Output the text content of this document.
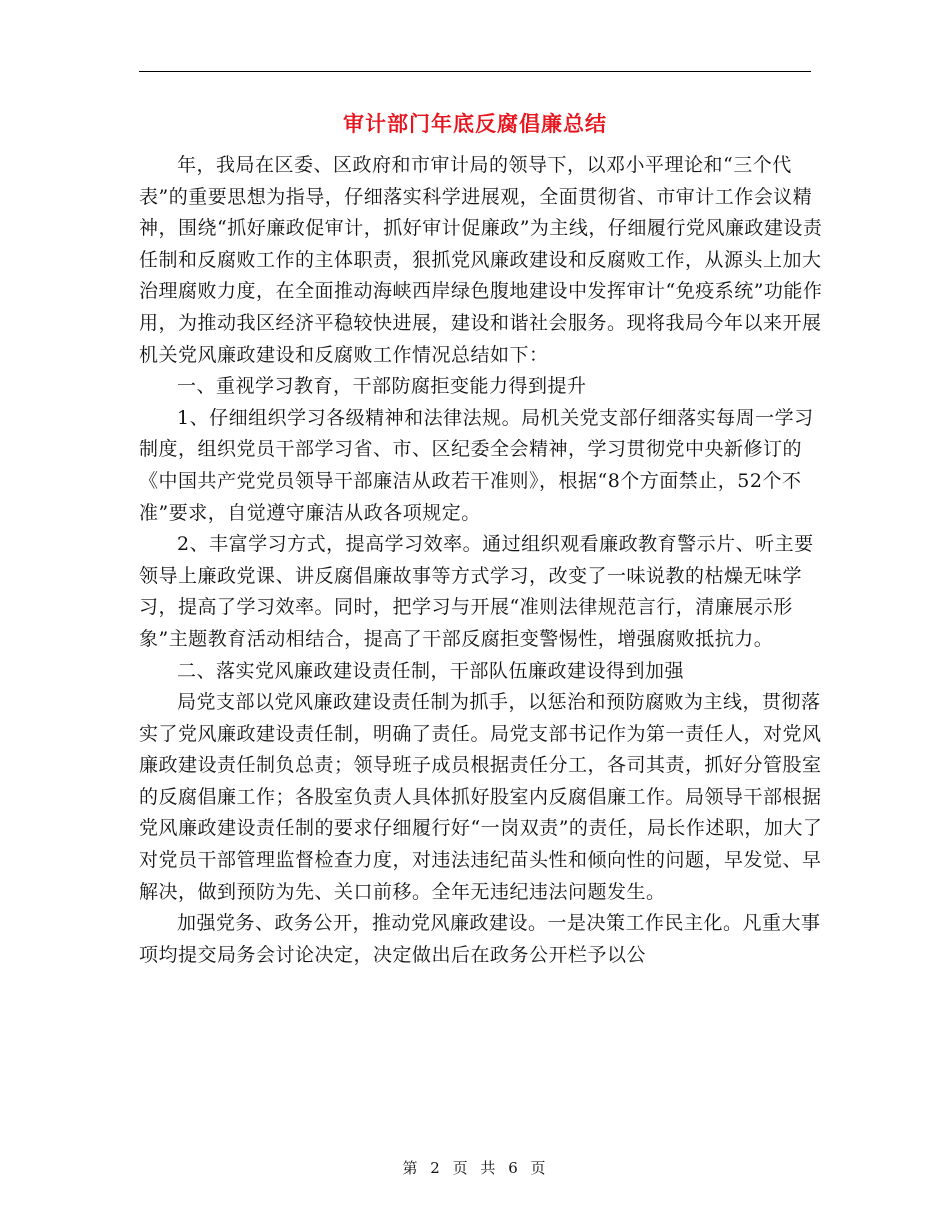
审计部门年底反腐倡廉总结

年，我局在区委、区政府和市审计局的领导下，以邓小平理论和“三个代表”的重要思想为指导，仔细落实科学进展观，全面贯彻省、市审计工作会议精神，围绕“抓好廉政促审计，抓好审计促廉政”为主线，仔细履行党风廉政建设责任制和反腐败工作的主体职责，狠抓党风廉政建设和反腐败工作，从源头上加大治理腐败力度，在全面推动海峡西岸绿色腹地建设中发挥审计“免疫系统”功能作用，为推动我区经济平稳较快进展，建设和谐社会服务。现将我局今年以来开展机关党风廉政建设和反腐败工作情况总结如下：

一、重视学习教育，干部防腐拒变能力得到提升

1、仔细组织学习各级精神和法律法规。局机关党支部仔细落实每周一学习制度，组织党员干部学习省、市、区纪委全会精神，学习贯彻党中央新修订的《中国共产党党员领导干部廉洁从政若干准则》，根据“8个方面禁止，52个不准”要求，自觉遵守廉洁从政各项规定。

2、丰富学习方式，提高学习效率。通过组织观看廉政教育警示片、听主要领导上廉政党课、讲反腐倡廉故事等方式学习，改变了一味说教的枯燥无味学习，提高了学习效率。同时，把学习与开展“准则法律规范言行，清廉展示形象”主题教育活动相结合，提高了干部反腐拒变警惕性，增强腐败抵抗力。

二、落实党风廉政建设责任制，干部队伍廉政建设得到加强

局党支部以党风廉政建设责任制为抓手，以惩治和预防腐败为主线，贯彻落实了党风廉政建设责任制，明确了责任。局党支部书记作为第一责任人，对党风廉政建设责任制负总责；领导班子成员根据责任分工，各司其责，抓好分管股室的反腐倡廉工作；各股室负责人具体抓好股室内反腐倡廉工作。局领导干部根据党风廉政建设责任制的要求仔细履行好“一岗双责”的责任，局长作述职，加大了对党员干部管理监督检查力度，对违法违纪苗头性和倾向性的问题，早发觉、早解决，做到预防为先、关口前移。全年无违纪违法问题发生。

加强党务、政务公开，推动党风廉政建设。一是决策工作民主化。凡重大事项均提交局务会讨论决定，决定做出后在政务公开栏予以公

第 2 页 共 6 页
